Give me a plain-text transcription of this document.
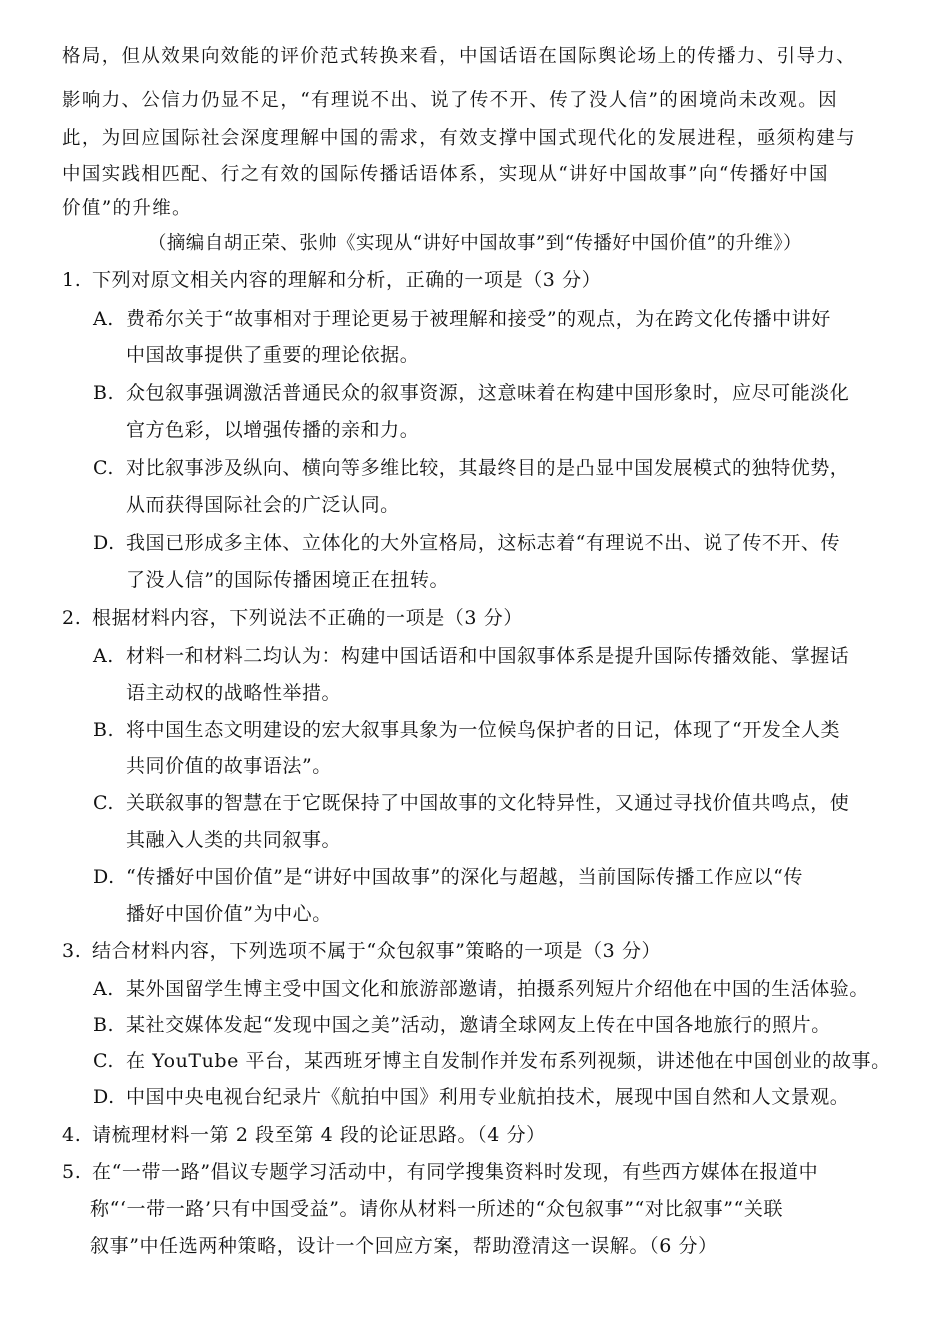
格局，但从效果向效能的评价范式转换来看，中国话语在国际舆论场上的传播力、引导力、
影响力、公信力仍显不足，“有理说不出、说了传不开、传了没人信”的困境尚未改观。因
此，为回应国际社会深度理解中国的需求，有效支撑中国式现代化的发展进程，亟须构建与
中国实践相匹配、行之有效的国际传播话语体系，实现从“讲好中国故事”向“传播好中国
价值”的升维。
（摘编自胡正荣、张帅《实现从“讲好中国故事”到“传播好中国价值”的升维》）
1. 下列对原文相关内容的理解和分析，正确的一项是（3 分）
A. 费希尔关于“故事相对于理论更易于被理解和接受”的观点，为在跨文化传播中讲好
中国故事提供了重要的理论依据。
B. 众包叙事强调激活普通民众的叙事资源，这意味着在构建中国形象时，应尽可能淡化
官方色彩，以增强传播的亲和力。
C. 对比叙事涉及纵向、横向等多维比较，其最终目的是凸显中国发展模式的独特优势，
从而获得国际社会的广泛认同。
D. 我国已形成多主体、立体化的大外宣格局，这标志着“有理说不出、说了传不开、传
了没人信”的国际传播困境正在扭转。
2. 根据材料内容，下列说法不正确的一项是（3 分）
A. 材料一和材料二均认为：构建中国话语和中国叙事体系是提升国际传播效能、掌握话
语主动权的战略性举措。
B. 将中国生态文明建设的宏大叙事具象为一位候鸟保护者的日记，体现了“开发全人类
共同价值的故事语法”。
C. 关联叙事的智慧在于它既保持了中国故事的文化特异性，又通过寻找价值共鸣点，使
其融入人类的共同叙事。
D. “传播好中国价值”是“讲好中国故事”的深化与超越，当前国际传播工作应以“传
播好中国价值”为中心。
3. 结合材料内容，下列选项不属于“众包叙事”策略的一项是（3 分）
A. 某外国留学生博主受中国文化和旅游部邀请，拍摄系列短片介绍他在中国的生活体验。
B. 某社交媒体发起“发现中国之美”活动，邀请全球网友上传在中国各地旅行的照片。
C. 在 YouTube 平台，某西班牙博主自发制作并发布系列视频，讲述他在中国创业的故事。
D. 中国中央电视台纪录片《航拍中国》利用专业航拍技术，展现中国自然和人文景观。
4. 请梳理材料一第 2 段至第 4 段的论证思路。（4 分）
5. 在“一带一路”倡议专题学习活动中，有同学搜集资料时发现，有些西方媒体在报道中
称“‘一带一路’只有中国受益”。请你从材料一所述的“众包叙事”“对比叙事”“关联
叙事”中任选两种策略，设计一个回应方案，帮助澄清这一误解。（6 分）
